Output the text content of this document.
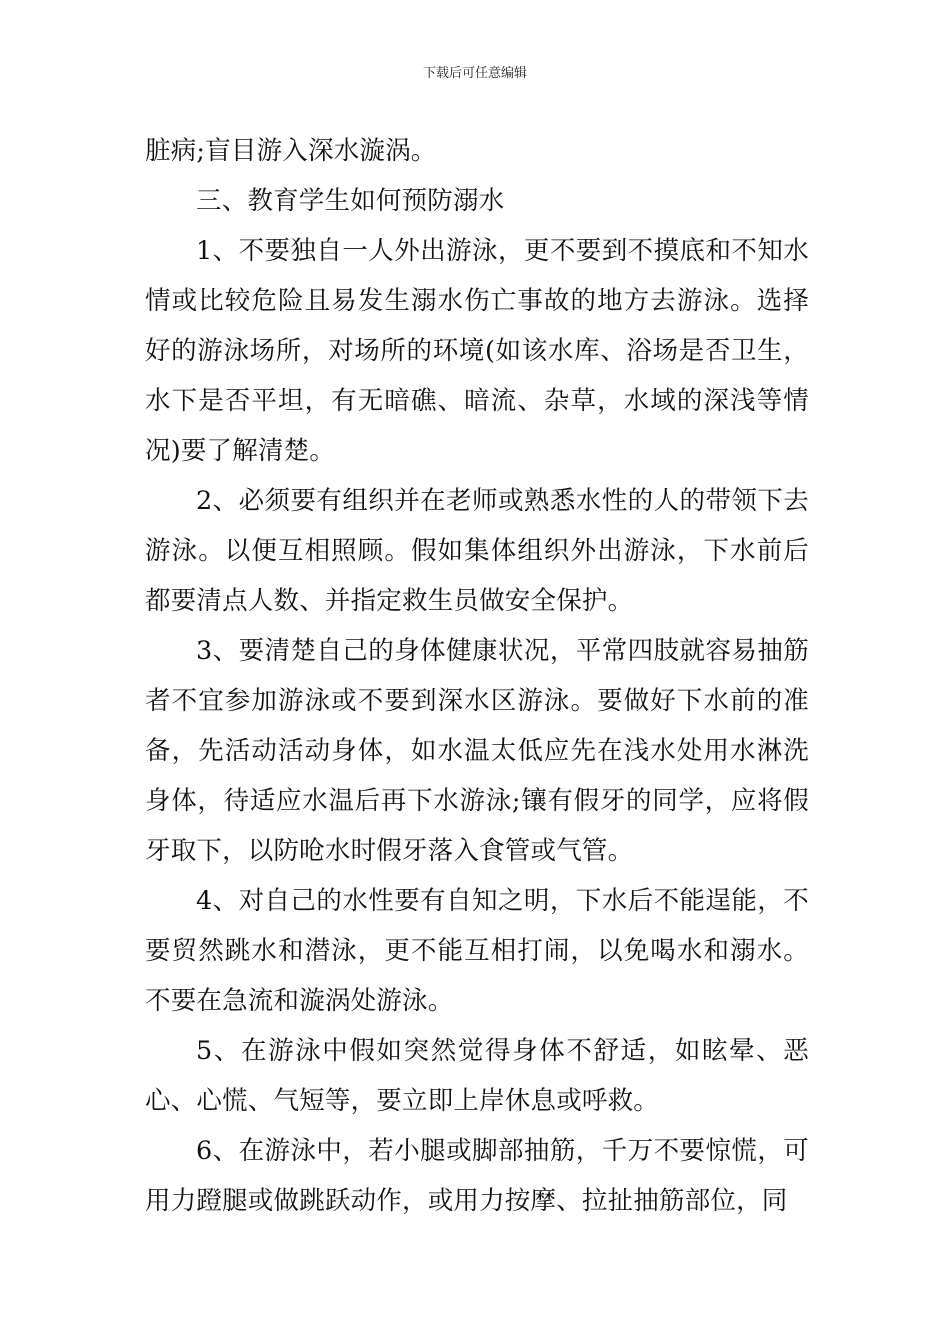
下载后可任意编辑

脏病;盲目游入深水漩涡。

三、教育学生如何预防溺水

1、不要独自一人外出游泳，更不要到不摸底和不知水情或比较危险且易发生溺水伤亡事故的地方去游泳。选择好的游泳场所，对场所的环境(如该水库、浴场是否卫生，水下是否平坦，有无暗礁、暗流、杂草，水域的深浅等情况)要了解清楚。

2、必须要有组织并在老师或熟悉水性的人的带领下去游泳。以便互相照顾。假如集体组织外出游泳，下水前后都要清点人数、并指定救生员做安全保护。

3、要清楚自己的身体健康状况，平常四肢就容易抽筋者不宜参加游泳或不要到深水区游泳。要做好下水前的准备，先活动活动身体，如水温太低应先在浅水处用水淋洗身体，待适应水温后再下水游泳;镶有假牙的同学，应将假牙取下，以防呛水时假牙落入食管或气管。

4、对自己的水性要有自知之明，下水后不能逞能，不要贸然跳水和潜泳，更不能互相打闹，以免喝水和溺水。不要在急流和漩涡处游泳。

5、在游泳中假如突然觉得身体不舒适，如眩晕、恶心、心慌、气短等，要立即上岸休息或呼救。

6、在游泳中，若小腿或脚部抽筋，千万不要惊慌，可用力蹬腿或做跳跃动作，或用力按摩、拉扯抽筋部位，同
